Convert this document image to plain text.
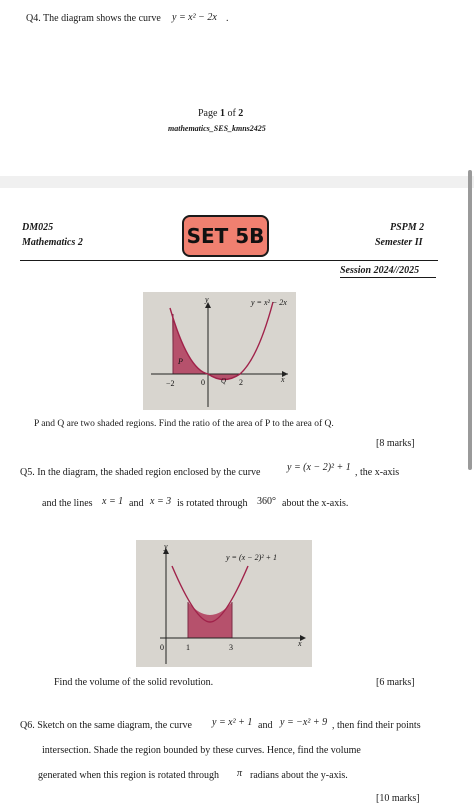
Q4. The diagram shows the curve y = x² − 2x .
Page 1 of 2
mathematics_SES_kmns2425
DM025
Mathematics 2	SET 5B	PSPM 2
Semester II
Session 2024//2025
y = x² − 2x
y
x
P
Q
−2	0	2
P and Q are two shaded regions. Find the ratio of the area of P to the area of Q.
[8 marks]
Q5. In the diagram, the shaded region enclosed by the curve	y = (x − 2)² + 1 , the x-axis
and the lines x = 1 and x = 3 is rotated through 360° about the x-axis.
y = (x − 2)² + 1
y
x
0	1	3
Find the volume of the solid revolution.	[6 marks]
Q6. Sketch on the same diagram, the curve y = x² + 1 and y = −x² + 9 , then find their points
intersection. Shade the region bounded by these curves. Hence, find the volume
generated when this region is rotated through π radians about the y-axis.
[10 marks]
